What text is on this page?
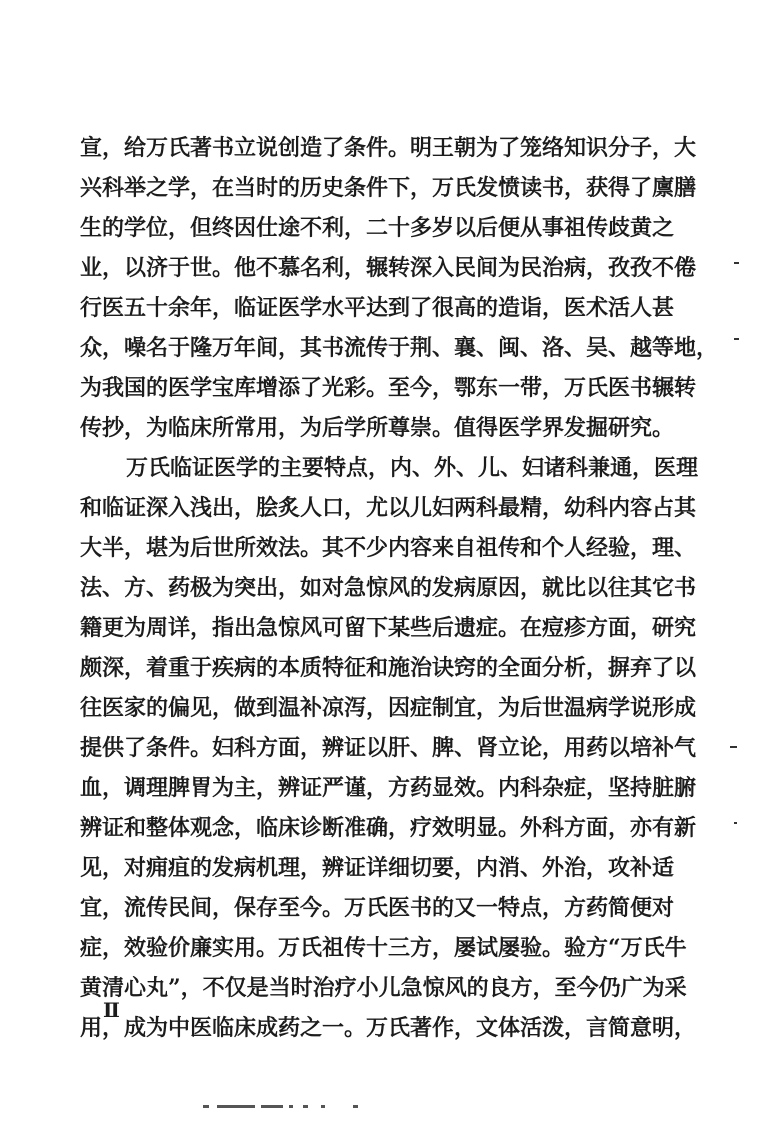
宣，给万氏著书立说创造了条件。明王朝为了笼络知识分子，大
兴科举之学，在当时的历史条件下，万氏发愤读书，获得了廪膳
生的学位，但终因仕途不利，二十多岁以后便从事祖传歧黄之
业，以济于世。他不慕名利，辗转深入民间为民治病，孜孜不倦
行医五十余年，临证医学水平达到了很高的造诣，医术活人甚
众，噪名于隆万年间，其书流传于荆、襄、闽、洛、吴、越等地，
为我国的医学宝库增添了光彩。至今，鄂东一带，万氏医书辗转
传抄，为临床所常用，为后学所尊崇。值得医学界发掘研究。
万氏临证医学的主要特点，内、外、儿、妇诸科兼通，医理
和临证深入浅出，脍炙人口，尤以儿妇两科最精，幼科内容占其
大半，堪为后世所效法。其不少内容来自祖传和个人经验，理、
法、方、药极为突出，如对急惊风的发病原因，就比以往其它书
籍更为周详，指出急惊风可留下某些后遗症。在痘疹方面，研究
颇深，着重于疾病的本质特征和施治诀窍的全面分析，摒弃了以
往医家的偏见，做到温补凉泻，因症制宜，为后世温病学说形成
提供了条件。妇科方面，辨证以肝、脾、肾立论，用药以培补气
血，调理脾胃为主，辨证严谨，方药显效。内科杂症，坚持脏腑
辨证和整体观念，临床诊断准确，疗效明显。外科方面，亦有新
见，对痈疽的发病机理，辨证详细切要，内消、外治，攻补适
宜，流传民间，保存至今。万氏医书的又一特点，方药简便对
症，效验价廉实用。万氏祖传十三方，屡试屡验。验方“万氏牛
黄清心丸”，不仅是当时治疗小儿急惊风的良方，至今仍广为采
用，成为中医临床成药之一。万氏著作，文体活泼，言简意明，
Ⅱ
